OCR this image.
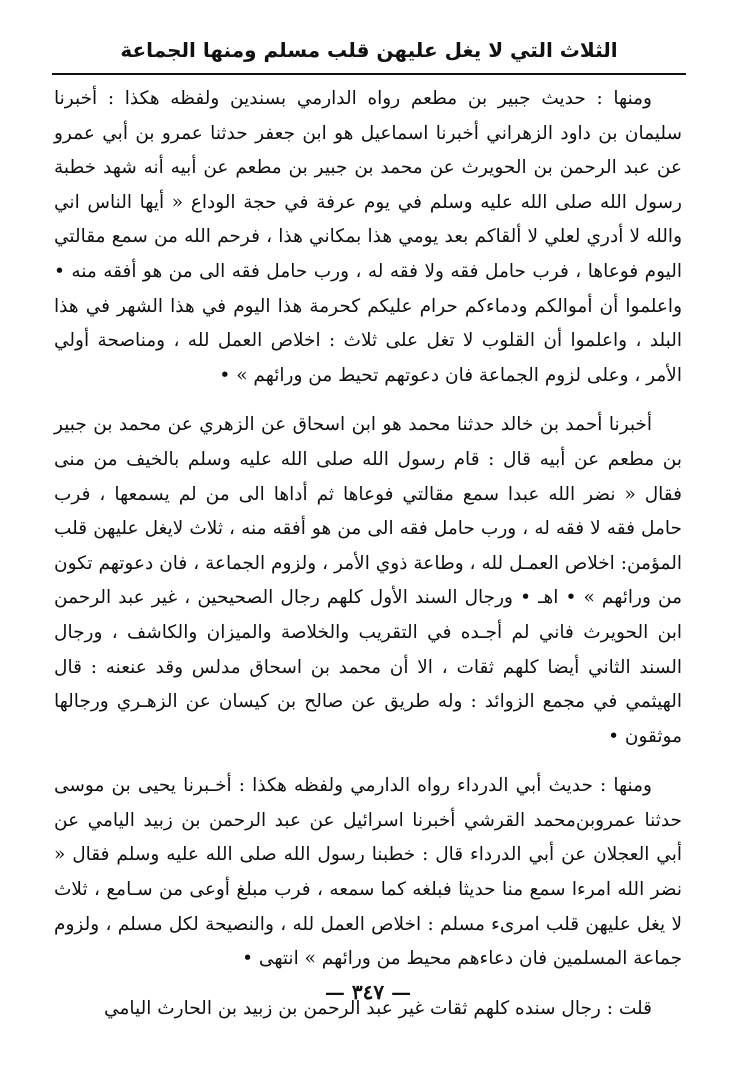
الثلاث التي لا يغل عليهن قلب مسلم ومنها الجماعة

ومنها : حديث جبير بن مطعم رواه الدارمي بسندين ولفظه هكذا : أخبرنا سليمان بن داود الزهراني أخبرنا اسماعيل هو ابن جعفر حدثنا عمرو بن أبي عمرو عن عبد الرحمن بن الحويرث عن محمد بن جبير بن مطعم عن أبيه أنه شهد خطبة رسول الله صلى الله عليه وسلم في يوم عرفة في حجة الوداع « أيها الناس اني والله لا أدري لعلي لا ألقاكم بعد يومي هذا بمكاني هذا ، فرحم الله من سمع مقالتي اليوم فوعاها ، فرب حامل فقه ولا فقه له ، ورب حامل فقه الى من هو أفقه منه • واعلموا أن أموالكم ودماءكم حرام عليكم كحرمة هذا اليوم في هذا الشهر في هذا البلد ، واعلموا أن القلوب لا تغل على ثلاث : اخلاص العمل لله ، ومناصحة أولي الأمر ، وعلى لزوم الجماعة فان دعوتهم تحيط من ورائهم » •

أخبرنا أحمد بن خالد حدثنا محمد هو ابن اسحاق عن الزهري عن محمد بن جبير بن مطعم عن أبيه قال : قام رسول الله صلى الله عليه وسلم بالخيف من منى فقال « نضر الله عبدا سمع مقالتي فوعاها ثم أداها الى من لم يسمعها ، فرب حامل فقه لا فقه له ، ورب حامل فقه الى من هو أفقه منه ، ثلاث لايغل عليهن قلب المؤمن: اخلاص العمـل لله ، وطاعة ذوي الأمر ، ولزوم الجماعة ، فان دعوتهم تكون من ورائهم » • اهـ • ورجال السند الأول كلهم رجال الصحيحين ، غير عبد الرحمن ابن الحويرث فاني لم أجـده في التقريب والخلاصة والميزان والكاشف ، ورجال السند الثاني أيضا كلهم ثقات ، الا أن محمد بن اسحاق مدلس وقد عنعنه : قال الهيثمي في مجمع الزوائد : وله طريق عن صالح بن كيسان عن الزهـري ورجالها موثقون •

ومنها : حديث أبي الدرداء رواه الدارمي ولفظه هكذا : أخـبرنا يحيى بن موسى حدثنا عمروبن‌محمد القرشي أخبرنا اسرائيل عن عبد الرحمن بن زبيد اليامي عن أبي العجلان عن أبي الدرداء قال : خطبنا رسول الله صلى الله عليه وسلم فقال « نضر الله امرءا سمع منا حديثا فبلغه كما سمعه ، فرب مبلغ أوعى من سـامع ، ثلاث لا يغل عليهن قلب امرىء مسلم : اخلاص العمل لله ، والنصيحة لكل مسلم ، ولزوم جماعة المسلمين فان دعاءهم محيط من ورائهم » انتهى •

قلت : رجال سنده كلهم ثقات غير عبد الرحمن بن زبيد بن الحارث اليامي

— ٣٤٧ —
